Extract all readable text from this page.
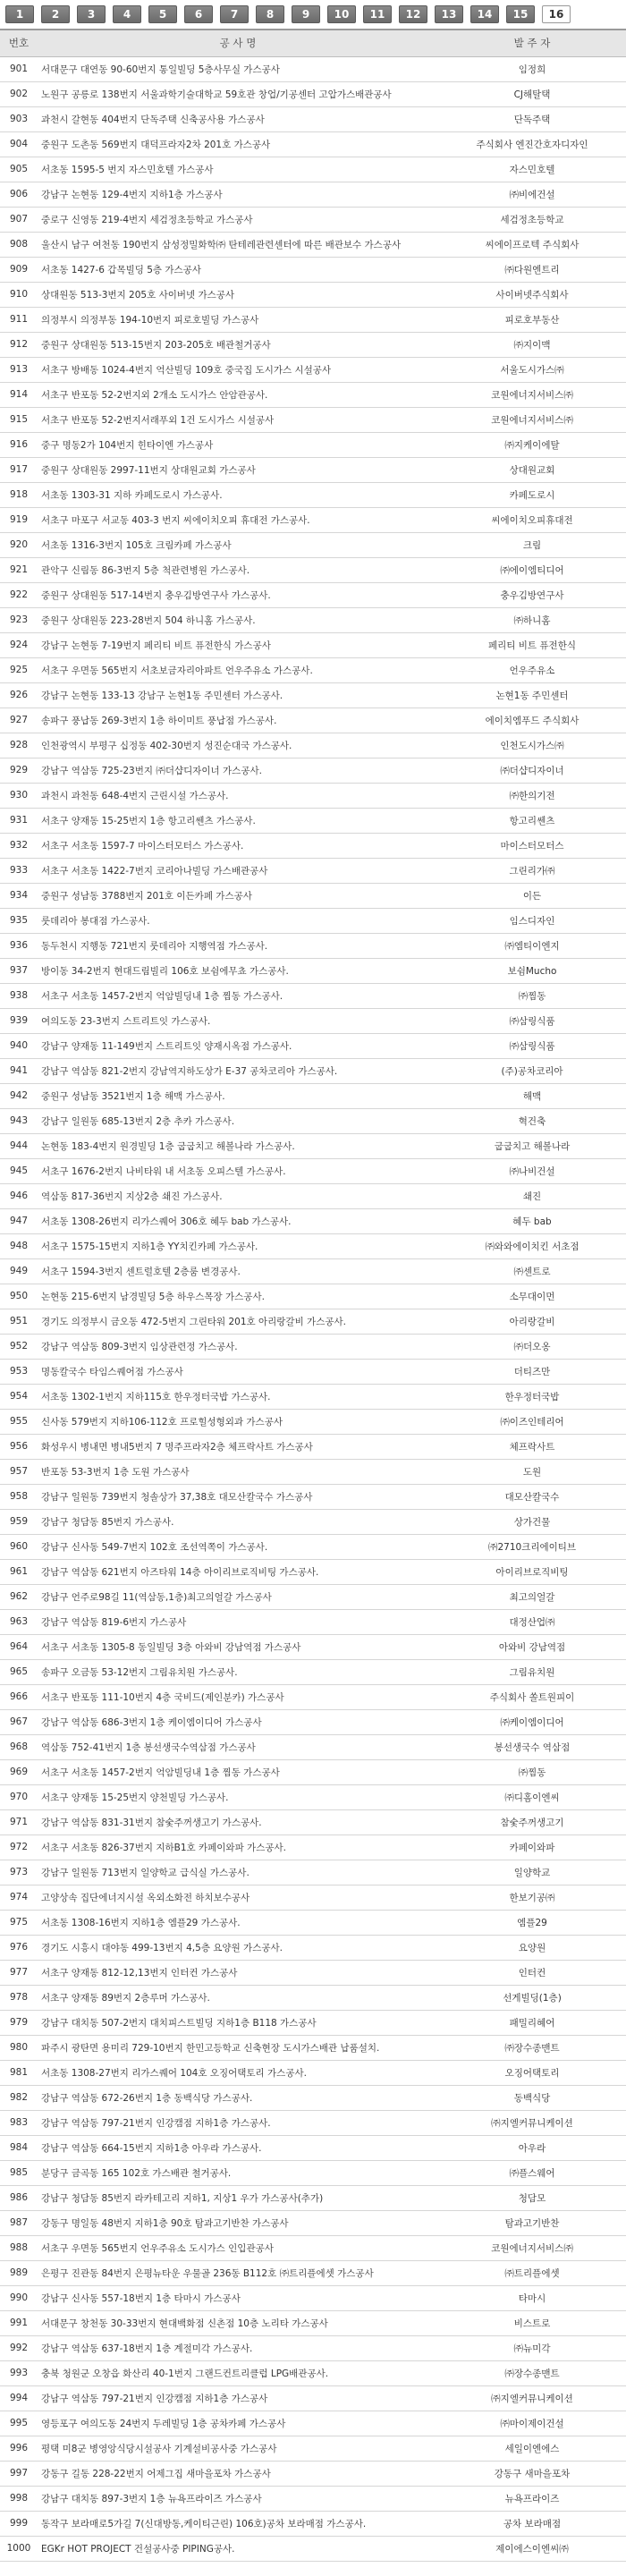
1	2	3	4	5	6	7	8	9	10	11	12	13	14	15	16
번호	공 사 명	발 주 자
901	서대문구 대연동 90-60번지 통일빌딩 5층사무실 가스공사	임정희
902	노원구 공릉로 138번지 서울과학기술대학교 59호관 창업/기공센터 고압가스배관공사	CJ해탈택
903	과천시 갈현동 404번지 단독주택 신축공사용 가스공사	단독주택
904	중원구 도촌동 569번지 대덕프라자2차 201호 가스공사	주식회사 엔진간호자디자인
905	서초동 1595-5 번지 자스민호텔 가스공사	자스민호텔
906	강남구 논현동 129-4번지 지하1층 가스공사	㈜비에건설
907	중로구 신영동 219-4번지 세검정초등학교 가스공사	세검정초등학교
908	울산시 남구 여천동 190번지 삼성정밀화학㈜ 탄테레관련센터에 따른 배관보수 가스공사	씨에이프로텍 주식회사
909	서초동 1427-6 갑목빌딩 5층 가스공사	㈜다원엔트리
910	상대원동 513-3번지 205호 사이버넷 가스공사	사이버넷주식회사
911	의정부시 의정부동 194-10번지 피로호빌딩 가스공사	피로호부동산
912	중원구 상대원동 513-15번지 203-205호 배관철거공사	㈜지이맥
913	서초구 방배동 1024-4번지 억산빌딩 109호 중국집 도시가스 시설공사	서울도시가스㈜
914	서초구 반포동 52-2번지외 2개소 도시가스 안암관공사.	코원에너지서비스㈜
915	서초구 반포동 52-2번지서래푸외 1건 도시가스 시설공사	코원에너지서비스㈜
916	중구 명동2가 104번지 힌타이엔 가스공사	㈜지케이에탈
917	중원구 상대원동 2997-11번지 상대원교회 가스공사	상대원교회
918	서초동 1303-31 지하 카페도로시 가스공사.	카페도로시
919	서초구 마포구 서교동 403-3 번지 씨에이치오피 휴대전 가스공사.	씨에이치오피휴대전
920	서초동 1316-3번지 105호 크림카페 가스공사	크림
921	관악구 신림동 86-3번지 5층 척관련병원 가스공사.	㈜에이엠티디어
922	중원구 상대원동 517-14번지 충우김방연구사 가스공사.	충우김방연구사
923	중원구 상대원동 223-28번지 504 하니홈 가스공사.	㈜하니홈
924	강남구 논현동 7-19번지 페리티 비트 퓨전한식 가스공사	페리티 비트 퓨전한식
925	서초구 우면동 565번지 서초보금자리아파트 언우주유소 가스공사.	언우주유소
926	강남구 논현동 133-13 강남구 논현1동 주민센터 가스공사.	논현1동 주민센터
927	송파구 풍납동 269-3번지 1층 하이미트 풍납점 가스공사.	에이치엠푸드 주식회사
928	인천광역시 부평구 십정동 402-30번지 성진순대국 가스공사.	인천도시가스㈜
929	강남구 역삼동 725-23번지 ㈜더샵디자이너 가스공사.	㈜더샵디자이너
930	과천시 과천동 648-4번지 근린시설 가스공사.	㈜한의기전
931	서초구 양재동 15-25번지 1층 항고리쎈츠 가스공사.	항고리쎈츠
932	서초구 서초동 1597-7 마이스터모터스 가스공사.	마이스터모터스
933	서초구 서초동 1422-7번지 코리아나빌딩 가스배관공사	그린리가㈜
934	중원구 성남동 3788번지 201호 이든카페 가스공사	이든
935	룻데리아 봉대점 가스공사.	임스디자인
936	동두천시 지행동 721번지 룻데리아 지행역점 가스공사.	㈜엠티이엔지
937	방이동 34-2번지 현대드림빌리 106호 보쉼에무쵸 가스공사.	보쉼Mucho
938	서초구 서초동 1457-2번지 억암빌딩내 1층 찜동 가스공사.	㈜찜동
939	여의도동 23-3번지 스트리트잇 가스공사.	㈜삼링식품
940	강남구 양재동 11-149번지 스트리트잇 양재시옥점 가스공사.	㈜삼링식품
941	강남구 역삼동 821-2번지 강남역지하도상가 E-37 공차코리아 가스공사.	(주)공차코리아
942	중원구 성남동 3521번지 1층 해맥 가스공사.	해맥
943	강남구 일원동 685-13번지 2층 추카 가스공사.	혁건축
944	논현동 183-4번지 원경빌딩 1층 굽굽치고 해볼나라 가스공사.	굽굽치고 해볼나라
945	서초구 1676-2번지 나비타워 내 서초동 오피스텔 가스공사.	㈜나비건설
946	역삼동 817-36번지 지상2층 쇄진 가스공사.	쇄진
947	서초동 1308-26번지 리가스퀘어 306호 혜두 bab 가스공사.	혜두 bab
948	서초구 1575-15번지 지하1층 YY치킨카페 가스공사.	㈜와와에이치킨 서초점
949	서초구 1594-3번지 센트럴호텔 2층룸 변경공사.	㈜센트로
950	논현동 215-6번지 남경빌딩 5층 하우스목장 가스공사.	소무대이먼
951	경기도 의정부시 금오동 472-5번지 그린타워 201호 아리랑갈비 가스공사.	아리랑갈비
952	강남구 역삼동 809-3번지 임상관련정 가스공사.	㈜더오옹
953	명동칼국수 타임스퀘어점 가스공사	더티즈만
954	서초동 1302-1번지 지하115호 한우정터국밥 가스공사.	한우정터국밥
955	신사동 579번지 지하106-112호 프로힐성형외과 가스공사	㈜이즈인테리어
956	화성우시 병내면 병내5번지 7 명주프라자2층 체프락사트 가스공사	체프락사트
957	반포동 53-3번지 1층 도원 가스공사	도원
958	강남구 일원동 739번지 청솔상가 37,38호 대모산칼국수 가스공사	대모산칼국수
959	강남구 청담동 85번지 가스공사.	상가건물
960	강남구 신사동 549-7번지 102호 조선역쪽이 가스공사.	㈜2710크리에이티브
961	강남구 역삼동 621번지 아즈타워 14층 아이리브로직비팅 가스공사.	아이리브로직비팅
962	강남구 언주로98길 11(역삼동,1층)최고의얼갈 가스공사	최고의얼갈
963	강남구 역삼동 819-6번지 가스공사	대정산업㈜
964	서초구 서초동 1305-8 동일빌딩 3층 아와비 강남역점 가스공사	아와비 강남역점
965	송파구 오금동 53-12번지 그림유치원 가스공사.	그림유치원
966	서초구 반포동 111-10번지 4층 국비드(제인분카) 가스공사	주식회사 쏠트원피이
967	강남구 역삼동 686-3번지 1층 케이엠이디어 가스공사	㈜케이엠이디어
968	역삼동 752-41번지 1층 봉선생국수역삼점 가스공사	봉선생국수 역삼점
969	서초구 서초동 1457-2번지 억암빌딩내 1층 찜동 가스공사	㈜찜동
970	서초구 양재동 15-25번지 양천빌딩 가스공사.	㈜디홈이엔씨
971	강남구 역삼동 831-31번지 참숯주꺼생고기 가스공사.	참숯주꺼생고기
972	서초구 서초동 826-37번지 지하B1호 카페이와파 가스공사.	카페이와파
973	강남구 일원동 713번지 일양학교 급식실 가스공사.	일양학교
974	고양상속 집단에너지시설 옥외소화전 하치보수공사	한보기공㈜
975	서초동 1308-16번지 지하1층 엠플29 가스공사.	엠플29
976	경기도 시흥시 대야동 499-13번지 4,5층 요양원 가스공사.	요양원
977	서초구 양재동 812-12,13번지 인터컨 가스공사	인터컨
978	서초구 양재동 89번지 2층루머 가스공사.	선게빌딩(1층)
979	강남구 대치동 507-2번지 대치피스트빌딩 지하1층 B118 가스공사	패밀리혜어
980	파주시 광탄면 용미리 729-10번지 한민고등학교 신축현장 도시가스배관 납품설치.	㈜장수종맨트
981	서초동 1308-27번지 리가스퀘어 104호 오징어택토리 가스공사.	오징어택토리
982	강남구 역삼동 672-26번지 1층 동백식당 가스공사.	동백식당
983	강남구 역삼동 797-21번지 인강캠점 지하1층 가스공사.	㈜지엘커뮤니케이션
984	강남구 역삼동 664-15번지 지하1층 아우라 가스공사.	아우라
985	분당구 금곡동 165 102호 가스배관 철거공사.	㈜플스웨어
986	강남구 청담동 85번지 라카테고리 지하1, 지상1 우가 가스공사(추가)	청담모
987	강동구 명일동 48번지 지하1층 90호 탐과고기반찬 가스공사	탐과고기반찬
988	서초구 우면동 565번지 언우주유소 도시가스 인입관공사	코원에너지서비스㈜
989	은평구 진관동 84번지 은평뉴타운 우물골 236동 B112호 ㈜트리플에셋 가스공사	㈜트리플에셋
990	강남구 신사동 557-18번지 1층 타마시 가스공사	타마시
991	서대문구 창천동 30-33번지 현대백화점 신촌점 10층 노리타 가스공사	비스트로
992	강남구 역삼동 637-18번지 1층 계절미각 가스공사.	㈜뉴미각
993	충북 청원군 오창읍 화산리 40-1번지 그랜드컨트리클럽 LPG배관공사.	㈜장수종맨트
994	강남구 역삼동 797-21번지 인강캠점 지하1층 가스공사	㈜지엘커뮤니케이션
995	영등포구 여의도동 24번지 두레빌딩 1층 공차카페 가스공사	㈜마이제이건설
996	평택 미8군 병영앙식당시설공사 기계설비공사중 가스공사	세일이엔에스
997	강동구 길동 228-22번지 어제그집 새마을포차 가스공사	강동구 새마을포차
998	강남구 대치동 897-3번지 1층 뉴욕프라이즈 가스공사	뉴욕프라이즈
999	동작구 보라매로5가길 7(신대방동,케이티근린) 106호)공차 보라매점 가스공사.	공차 보라매점
1000	EGKr HOT PROJECT 건설공사중 PIPING공사.	제이에스이엔씨㈜
